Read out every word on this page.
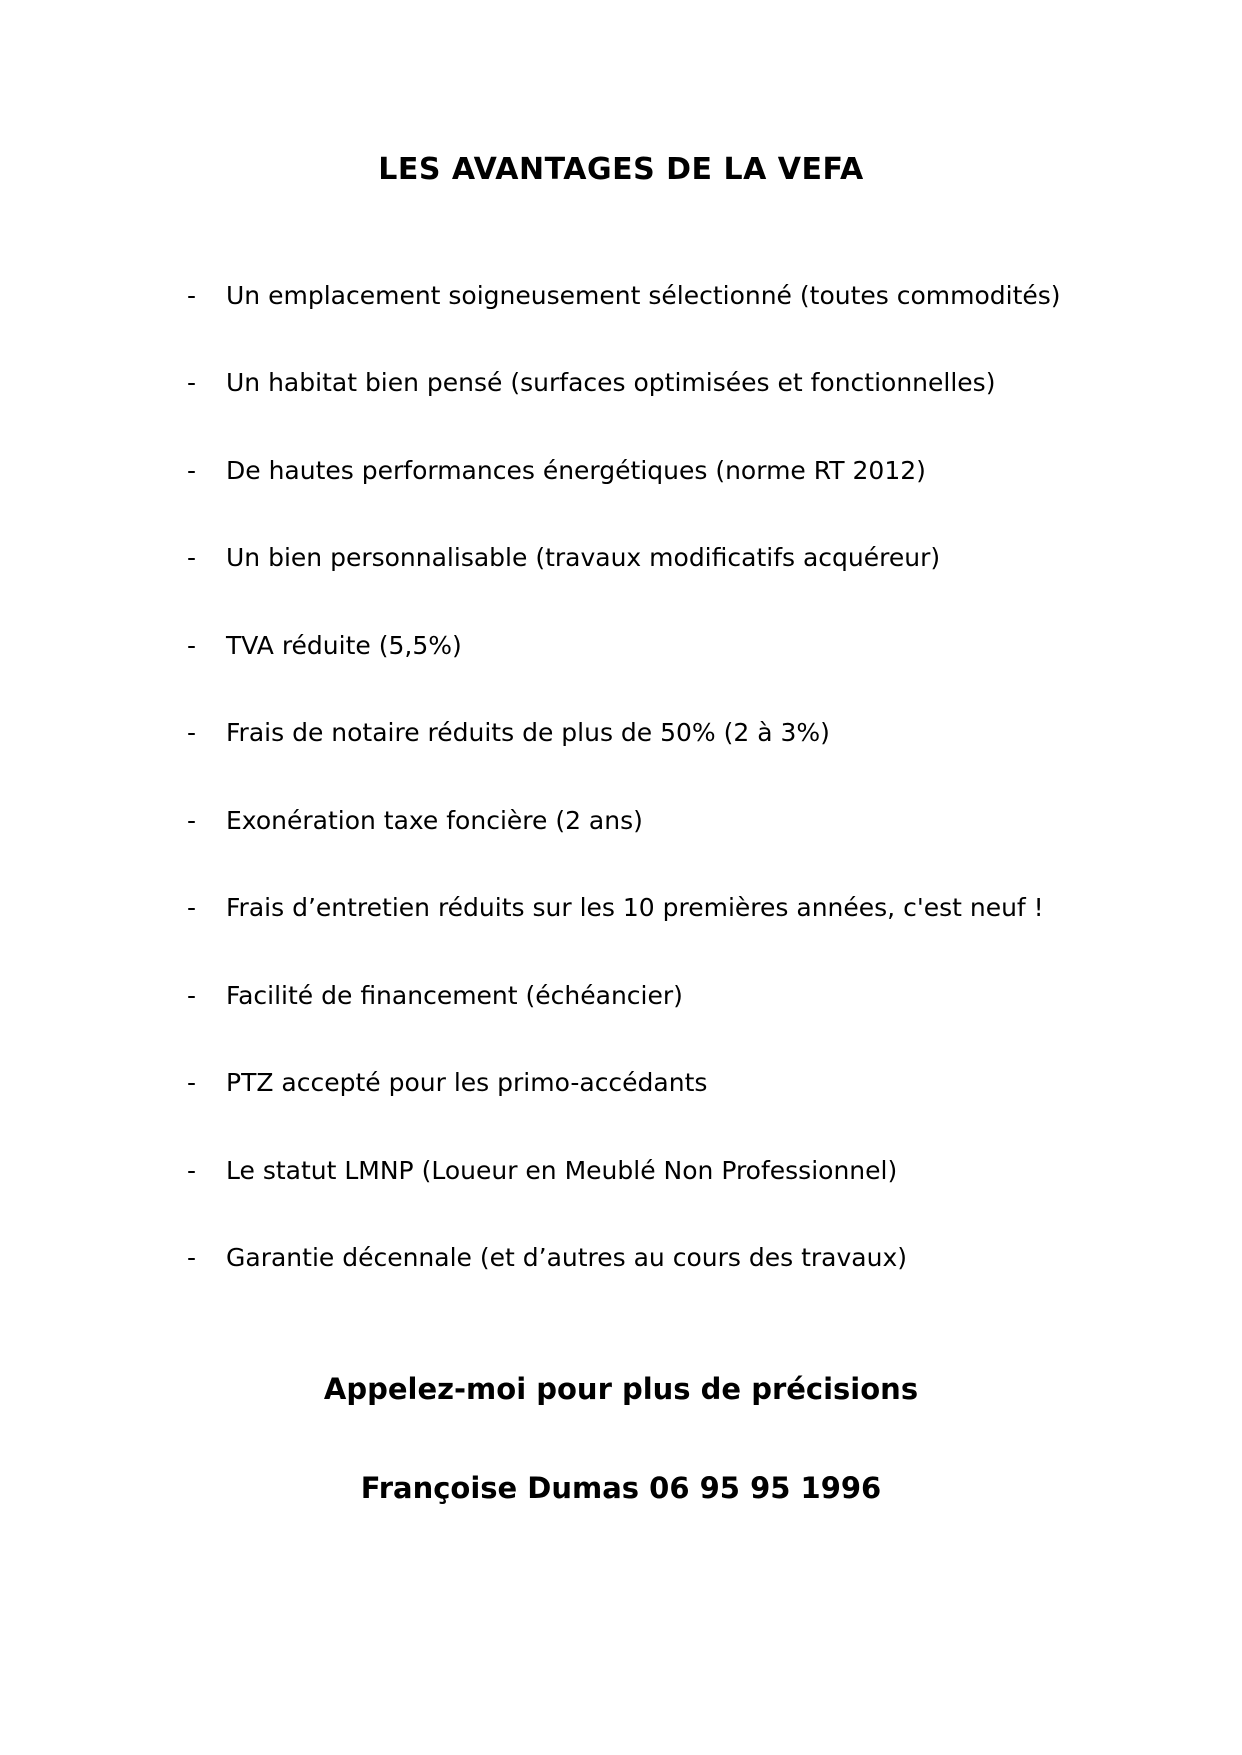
LES AVANTAGES DE LA VEFA
- Un emplacement soigneusement sélectionné (toutes commodités)
- Un habitat bien pensé (surfaces optimisées et fonctionnelles)
- De hautes performances énergétiques (norme RT 2012)
- Un bien personnalisable (travaux modificatifs acquéreur)
- TVA réduite (5,5%)
- Frais de notaire réduits de plus de 50% (2 à 3%)
- Exonération taxe foncière (2 ans)
- Frais d’entretien réduits sur les 10 premières années, c'est neuf !
- Facilité de financement (échéancier)
- PTZ accepté pour les primo-accédants
- Le statut LMNP (Loueur en Meublé Non Professionnel)
- Garantie décennale (et d’autres au cours des travaux)

Appelez-moi pour plus de précisions

Françoise Dumas 06 95 95 1996
